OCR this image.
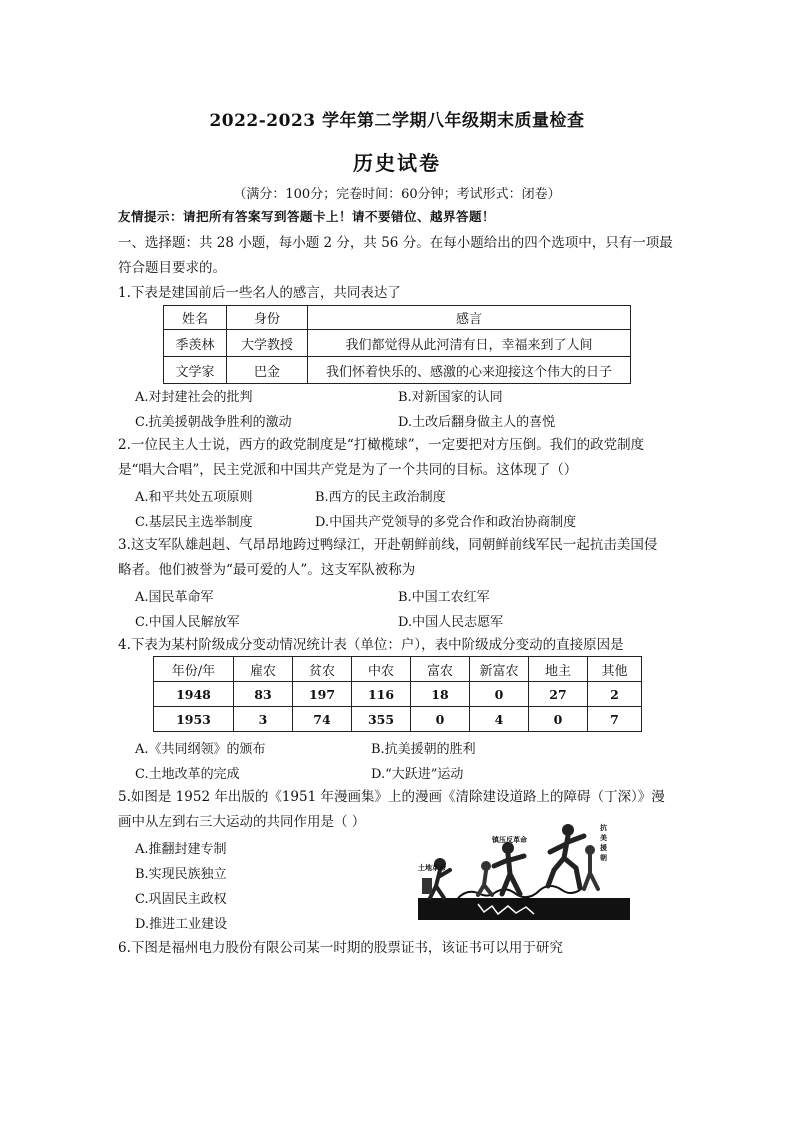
2022-2023 学年第二学期八年级期末质量检查
历史试卷
（满分：100分；完卷时间：60分钟；考试形式：闭卷）
友情提示：请把所有答案写到答题卡上！请不要错位、越界答题！
一、选择题：共 28 小题，每小题 2 分，共 56 分。在每小题给出的四个选项中，只有一项最
符合题目要求的。
1.下表是建国前后一些名人的感言，共同表达了
姓名	身份	感言
季羡林	大学教授	我们都觉得从此河清有日，幸福来到了人间
文学家	巴金	我们怀着快乐的、感激的心来迎接这个伟大的日子
A.对封建社会的批判	B.对新国家的认同
C.抗美援朝战争胜利的激动	D.土改后翻身做主人的喜悦
2.一位民主人士说，西方的政党制度是“打橄榄球”，一定要把对方压倒。我们的政党制度
是“唱大合唱”，民主党派和中国共产党是为了一个共同的目标。这体现了（）
A.和平共处五项原则	B.西方的民主政治制度
C.基层民主选举制度	D.中国共产党领导的多党合作和政治协商制度
3.这支军队雄赳赳、气昂昂地跨过鸭绿江，开赴朝鲜前线，同朝鲜前线军民一起抗击美国侵
略者。他们被誉为“最可爱的人”。这支军队被称为
A.国民革命军	B.中国工农红军
C.中国人民解放军	D.中国人民志愿军
4.下表为某村阶级成分变动情况统计表（单位：户），表中阶级成分变动的直接原因是
年份/年	雇农	贫农	中农	富农	新富农	地主	其他
1948	83	197	116	18	0	27	2
1953	3	74	355	0	4	0	7
A.《共同纲领》的颁布	B.抗美援朝的胜利
C.土地改革的完成	D.“大跃进”运动
5.如图是 1952 年出版的《1951 年漫画集》上的漫画《清除建设道路上的障碍（丁深）》漫
画中从左到右三大运动的共同作用是（ ）
A.推翻封建专制
B.实现民族独立
C.巩固民主政权
D.推进工业建设
土地革命
镇压反革命
抗
美
援
朝
6.下图是福州电力股份有限公司某一时期的股票证书，该证书可以用于研究
